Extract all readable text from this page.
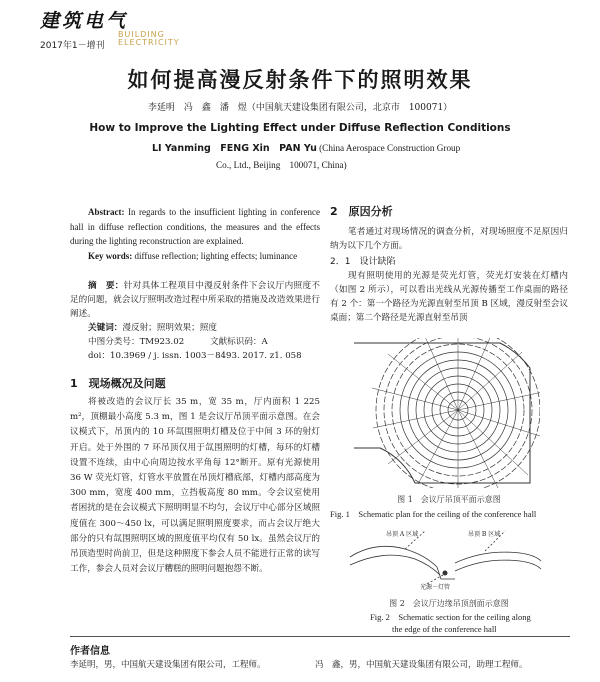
建筑电气
BUILDING
2017年1－增刊 ELECTRICITY
如何提高漫反射条件下的照明效果
李延明　冯　鑫　潘　煜（中国航天建设集团有限公司，北京市　100071）
How to Improve the Lighting Effect under Diffuse Reflection Conditions
LI Yanming　FENG Xin　PAN Yu (China Aerospace Construction Group
Co., Ltd., Beijing　100071, China)

Abstract: In regards to the insufficient lighting in conference hall in diffuse reflection conditions, the measures and the effects during the lighting reconstruction are explained.

Key words: diffuse reflection; lighting effects; luminance

摘　要：针对具体工程项目中漫反射条件下会议厅内照度不足的问题，就会议厅照明改造过程中所采取的措施及改造效果进行阐述。

关键词：漫反射；照明效果；照度

中图分类号：TM923.02　　　文献标识码：A

doi：10.3969 / j. issn. 1003－8493. 2017. z1. 058

1　现场概况及问题

将被改造的会议厅长 35 m，宽 35 m，厅内面积 1 225 m²，顶棚最小高度 5.3 m，图 1 是会议厅吊顶平面示意图。在会议模式下，吊顶内的 10 环氙围照明灯槽及位于中间 3 环的射灯开启。处于外围的 7 环吊顶仅用于氙围照明的灯槽，每环的灯槽设置不连续，由中心向周边按水平角每 12°断开。原有光源使用 36 W 荧光灯管，灯管水平放置在吊顶灯槽底部，灯槽内部高度为 300 mm，宽度 400 mm，立挡板高度 80 mm。令会议室使用者困扰的是在会议模式下照明明显不均匀，会议厅中心部分区域照度值在 300～450 lx，可以满足照明照度要求，而占会议厅绝大部分的只有氙围照明区域的照度值平均仅有 50 lx。虽然会议厅的吊顶造型时尚前卫，但是这种照度下参会人员不能进行正常的读写工作，参会人员对会议厅糟糕的照明问题抱怨不断。

2　原因分析

笔者通过对现场情况的调查分析，对现场照度不足原因归纳为以下几个方面。

2．1　设计缺陷

现有照明使用的光源是荧光灯管，荧光灯安装在灯槽内（如图 2 所示），可以看出光线从光源传播至工作桌面的路径有 2 个：第一个路径为光源直射至吊顶 B 区域，漫反射至会议桌面；第二个路径是光源直射至吊顶

图 1　会议厅吊顶平面示意图
Fig. 1　Schematic plan for the ceiling of the conference hall
吊顶 A 区域	吊顶 B 区域
光源－灯管
图 2　会议厅边缘吊顶剖面示意图
Fig. 2　Schematic section for the ceiling along
the edge of the conference hall
作者信息
李延明，男，中国航天建设集团有限公司，工程师。	冯　鑫，男，中国航天建设集团有限公司，助理工程师。
